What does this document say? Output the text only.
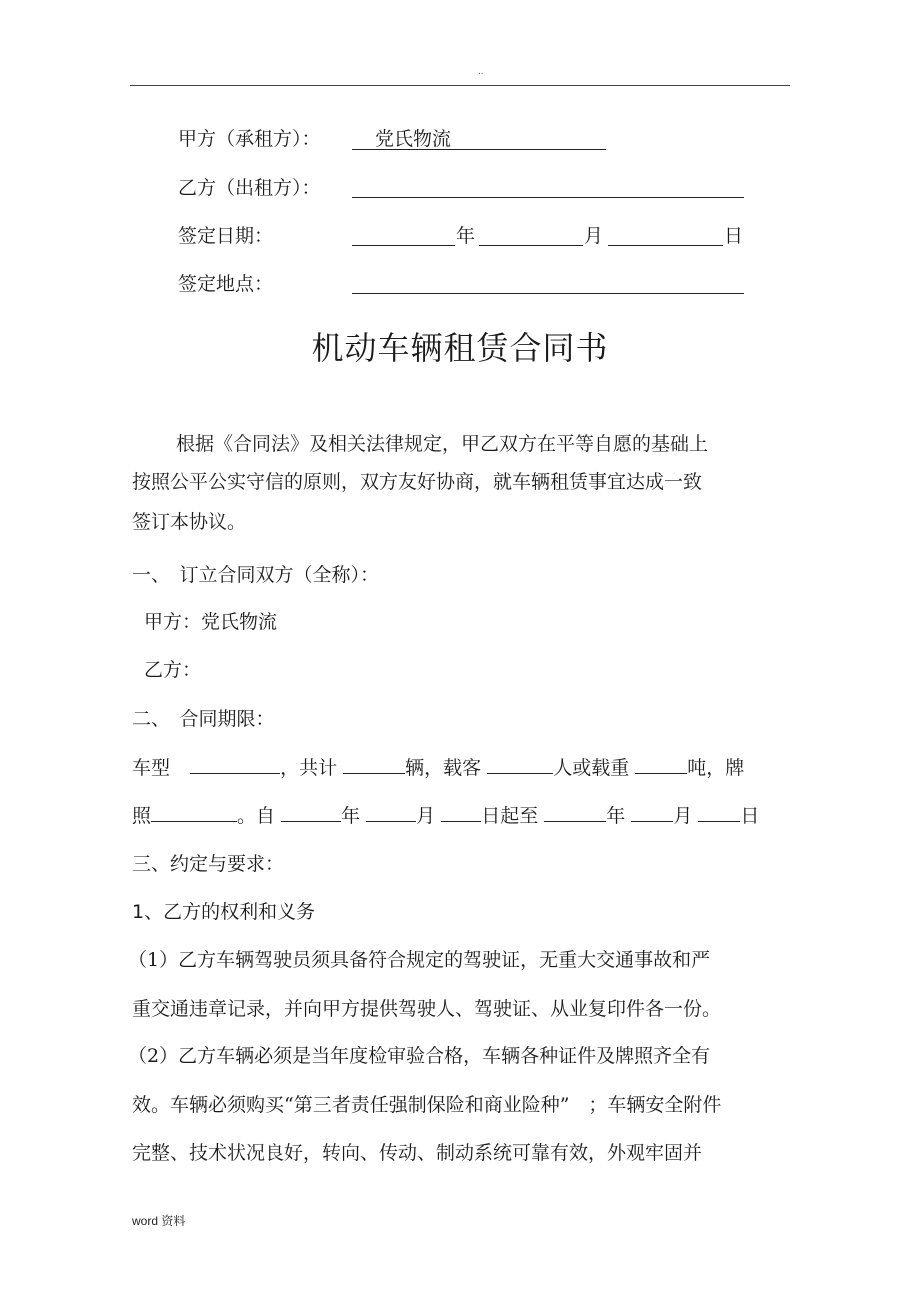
..
甲方（承租方）：	党氏物流
乙方（出租方）：
签定日期：	年	月	日
签定地点：
机动车辆租赁合同书
根据《合同法》及相关法律规定，甲乙双方在平等自愿的基础上
按照公平公实守信的原则，双方友好协商，就车辆租赁事宜达成一致
签订本协议。
一、　订立合同双方（全称）：
甲方：党氏物流
乙方：
二、　合同期限：
车型	，共计	辆，载客	人或载重	吨，牌
照	。自	年	月 日起至	年	月	日
三、约定与要求：
1、乙方的权利和义务
（1）乙方车辆驾驶员须具备符合规定的驾驶证，无重大交通事故和严
重交通违章记录，并向甲方提供驾驶人、驾驶证、从业复印件各一份。
（2）乙方车辆必须是当年度检审验合格，车辆各种证件及牌照齐全有
效。车辆必须购买“第三者责任强制保险和商业险种”　；车辆安全附件
完整、技术状况良好，转向、传动、制动系统可靠有效，外观牢固并
word 资料
